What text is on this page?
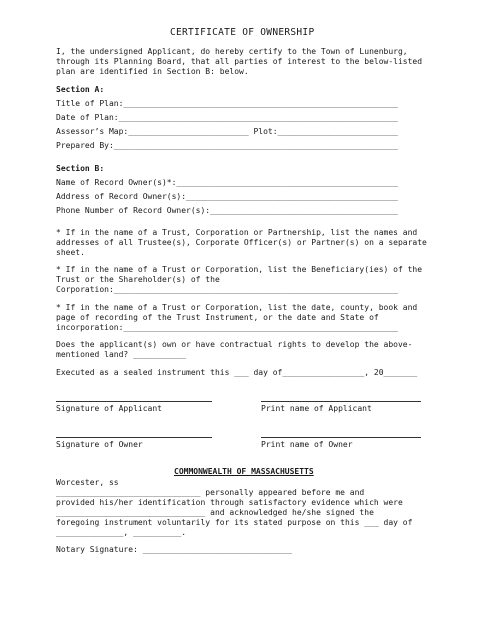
CERTIFICATE OF OWNERSHIP
I, the undersigned Applicant, do hereby certify to the Town of Lunenburg,
through its Planning Board, that all parties of interest to the below-listed
plan are identified in Section B: below.
Section A:
Title of Plan:_________________________________________________________
Date of Plan:__________________________________________________________
Assessor’s Map:_________________________ Plot:_________________________
Prepared By:___________________________________________________________
Section B:
Name of Record Owner(s)*:______________________________________________
Address of Record Owner(s):____________________________________________
Phone Number of Record Owner(s):_______________________________________
* If in the name of a Trust, Corporation or Partnership, list the names and
addresses of all Trustee(s), Corporate Officer(s) or Partner(s) on a separate
sheet.
* If in the name of a Trust or Corporation, list the Beneficiary(ies) of the
Trust or the Shareholder(s) of the
Corporation:___________________________________________________________
* If in the name of a Trust or Corporation, list the date, county, book and
page of recording of the Trust Instrument, or the date and State of
incorporation:_________________________________________________________
Does the applicant(s) own or have contractual rights to develop the above-
mentioned land? ___________
Executed as a sealed instrument this ___ day of_________________, 20_______
Signature of Applicant	Print name of Applicant
Signature of Owner	Print name of Owner
COMMONWEALTH OF MASSACHUSETTS
Worcester, ss
______________________________ personally appeared before me and
provided his/her identification through satisfactory evidence which were
_______________________________ and acknowledged he/she signed the
foregoing instrument voluntarily for its stated purpose on this ___ day of
______________, __________.
Notary Signature: _______________________________
